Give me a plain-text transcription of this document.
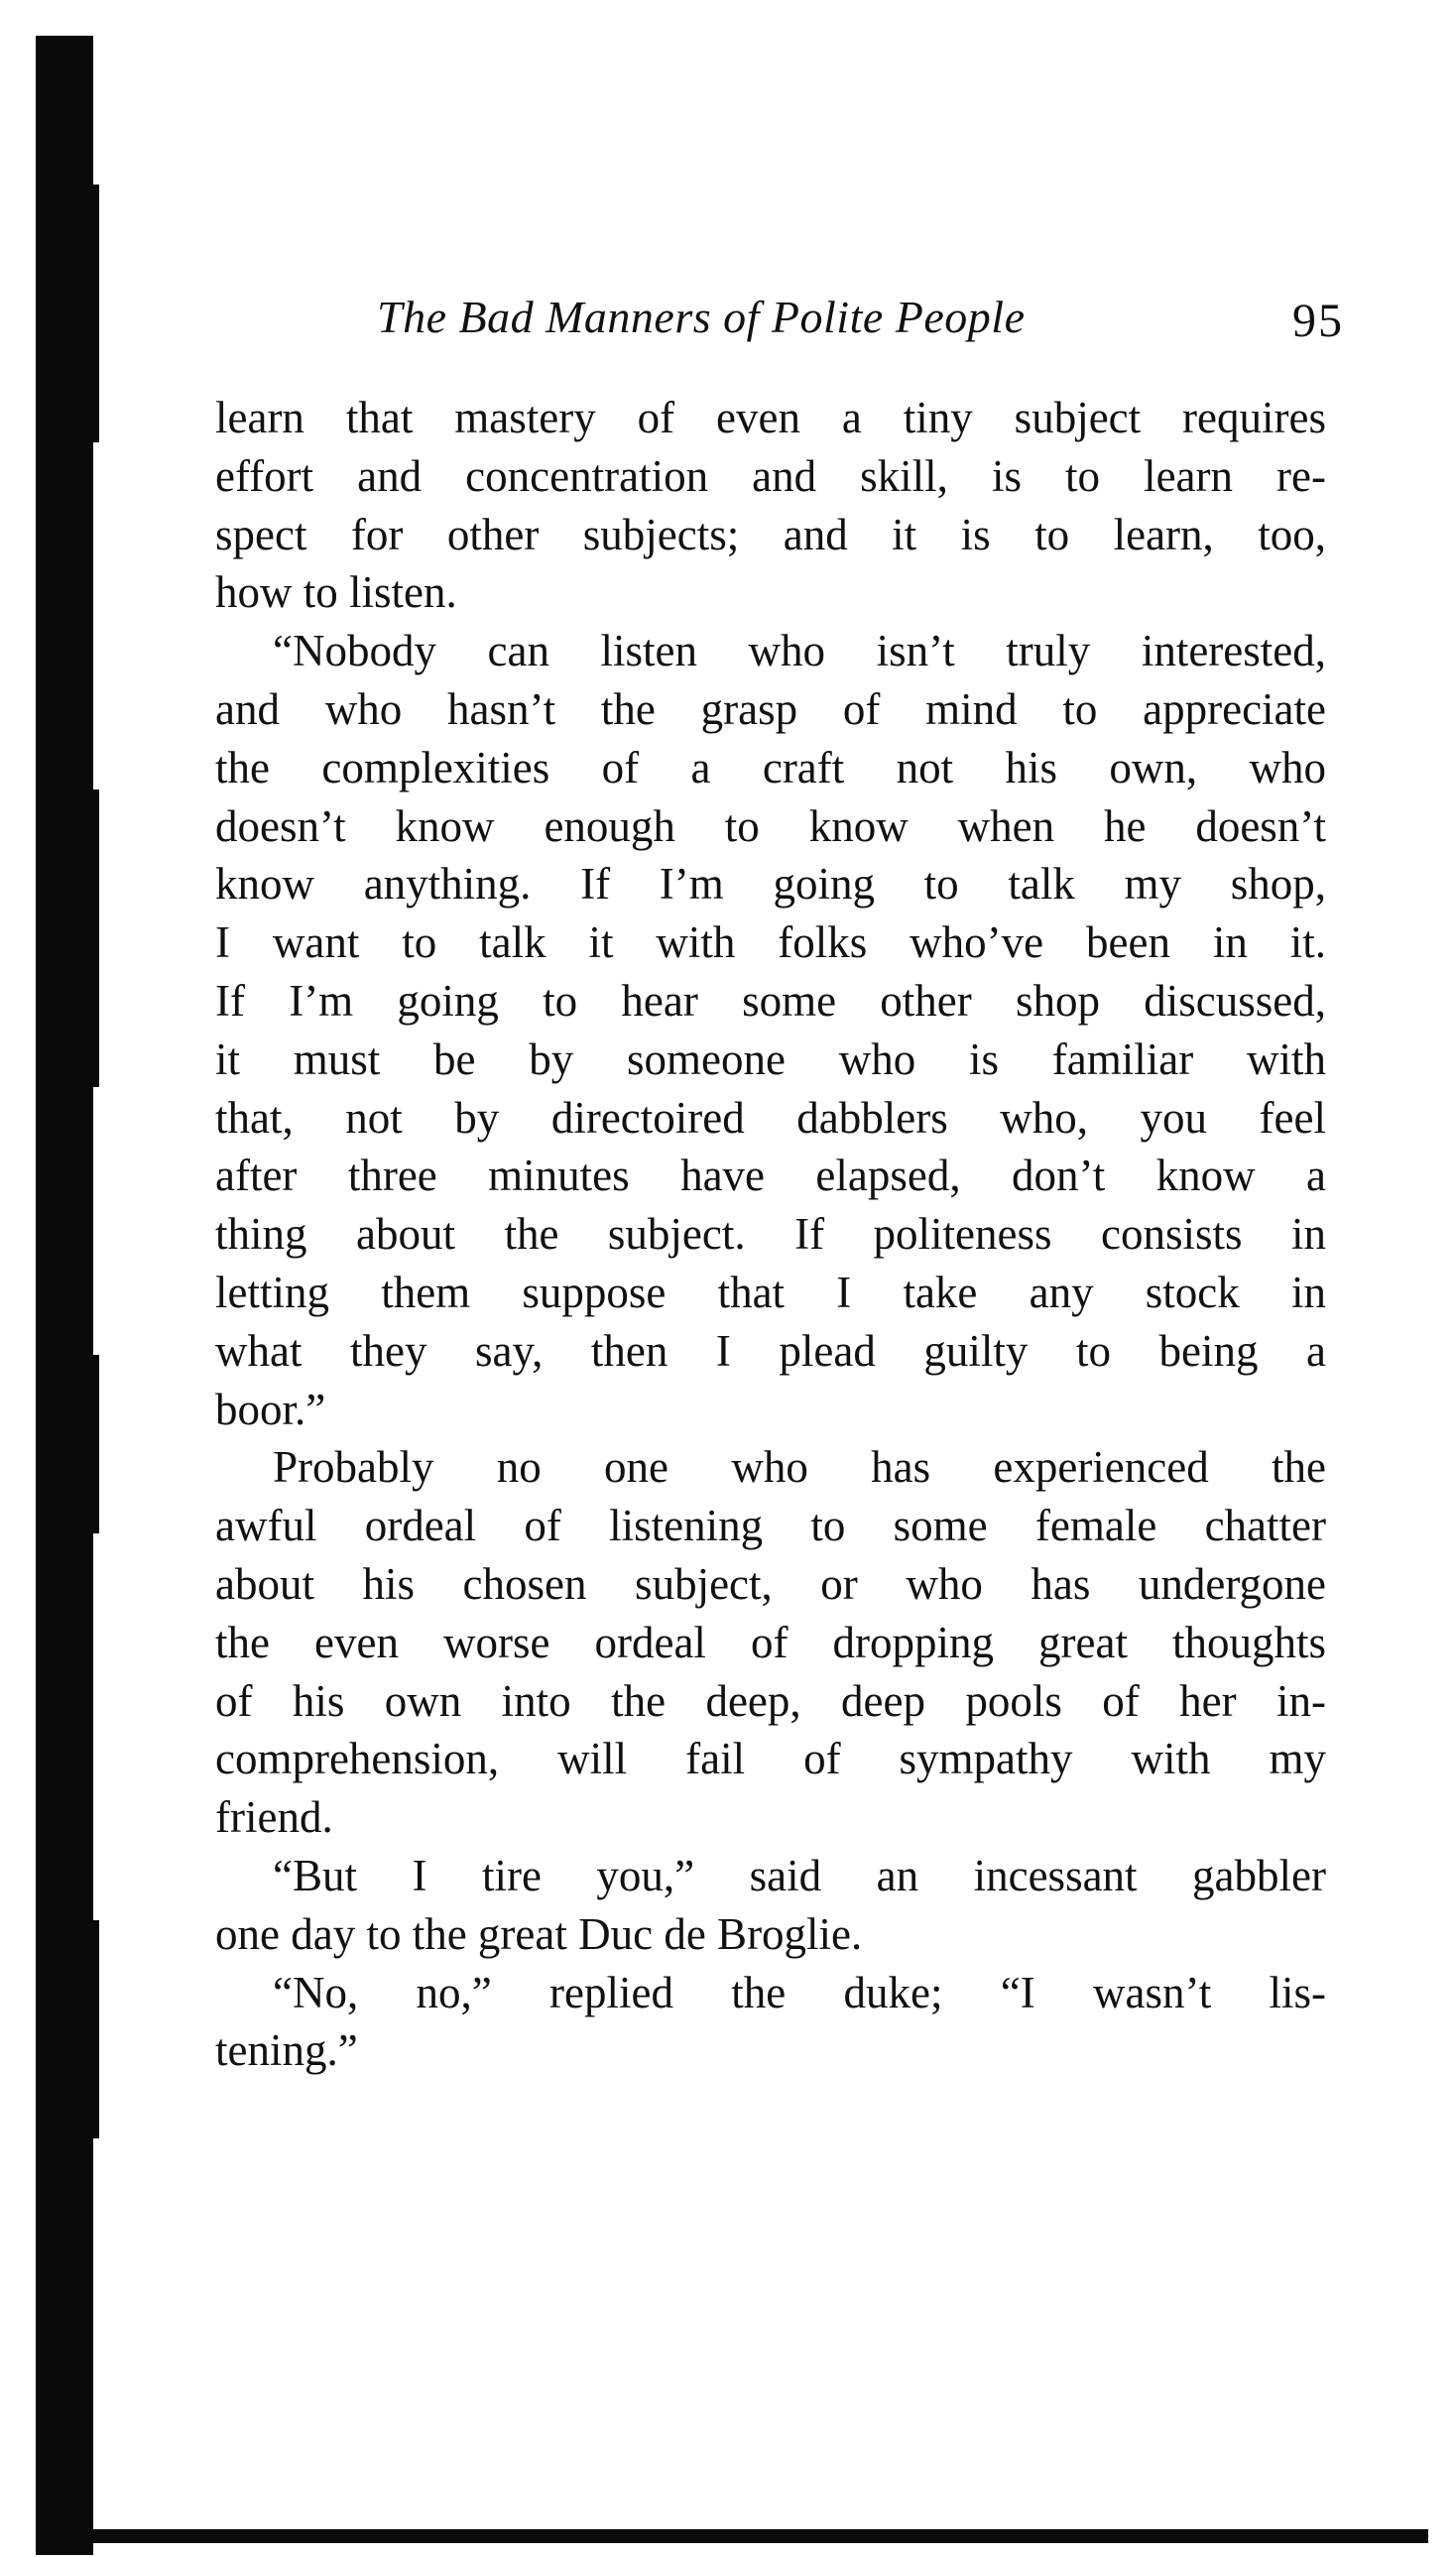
The Bad Manners of Polite People	95
learn that mastery of even a tiny subject requires
effort and concentration and skill, is to learn re-
spect for other subjects; and it is to learn, too,
how to listen.
“Nobody can listen who isn’t truly interested,
and who hasn’t the grasp of mind to appreciate
the complexities of a craft not his own, who
doesn’t know enough to know when he doesn’t
know anything. If I’m going to talk my shop,
I want to talk it with folks who’ve been in it.
If I’m going to hear some other shop discussed,
it must be by someone who is familiar with
that, not by directoired dabblers who, you feel
after three minutes have elapsed, don’t know a
thing about the subject. If politeness consists in
letting them suppose that I take any stock in
what they say, then I plead guilty to being a
boor.”
Probably no one who has experienced the
awful ordeal of listening to some female chatter
about his chosen subject, or who has undergone
the even worse ordeal of dropping great thoughts
of his own into the deep, deep pools of her in-
comprehension, will fail of sympathy with my
friend.
“But I tire you,” said an incessant gabbler
one day to the great Duc de Broglie.
“No, no,” replied the duke; “I wasn’t lis-
tening.”
